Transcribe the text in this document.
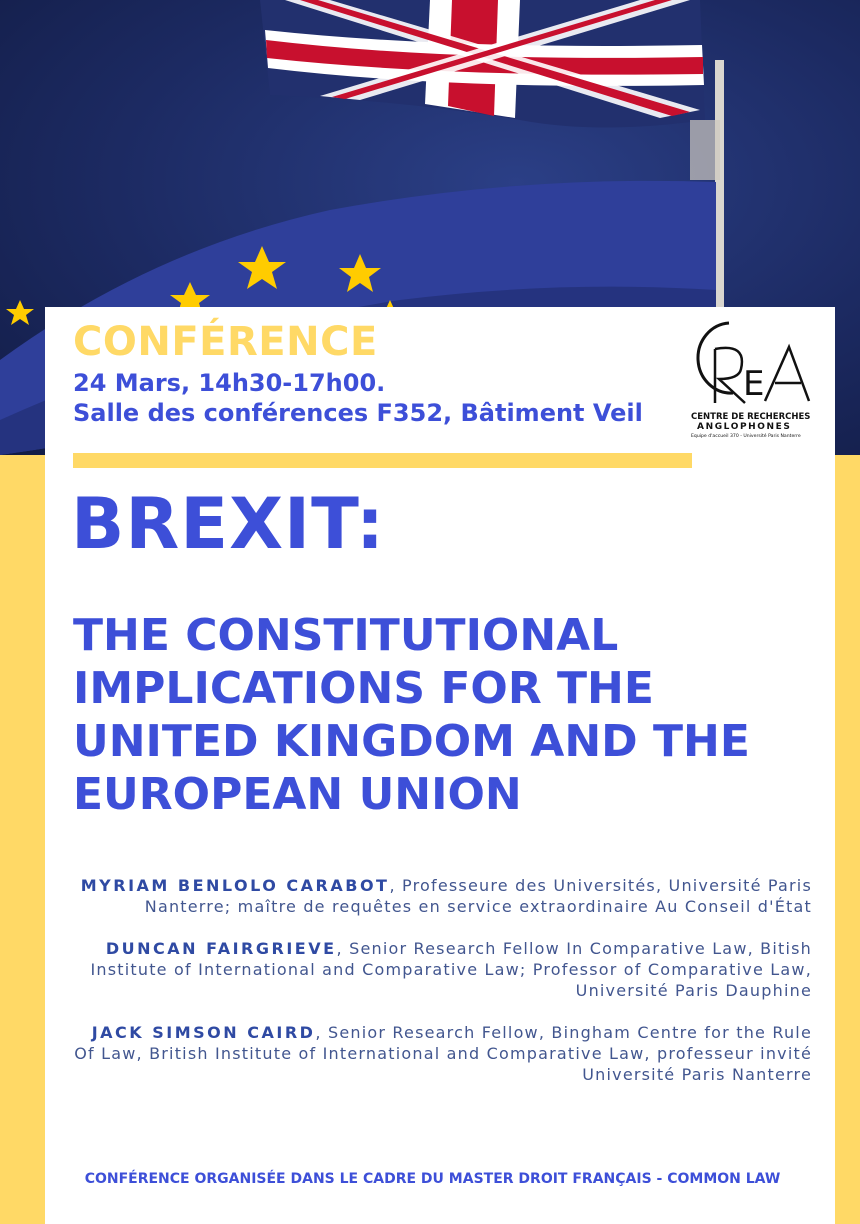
CONFÉRENCE
24 Mars, 14h30-17h00.
Salle des conférences F352, Bâtiment Veil
E
CENTRE DE RECHERCHES
ANGLOPHONES
Equipe d'accueil 370 - Université Paris Nanterre
BREXIT:
THE CONSTITUTIONAL IMPLICATIONS FOR THE UNITED KINGDOM AND THE EUROPEAN UNION
MYRIAM BENLOLO CARABOT, Professeure des Universités, Université Paris Nanterre; maître de requêtes en service extraordinaire Au Conseil d'État
DUNCAN FAIRGRIEVE, Senior Research Fellow In Comparative Law, Bitish Institute of International and Comparative Law; Professor of Comparative Law, Université Paris Dauphine
JACK SIMSON CAIRD, Senior Research Fellow, Bingham Centre for the Rule Of Law, British Institute of International and Comparative Law, professeur invité Université Paris Nanterre
CONFÉRENCE ORGANISÉE DANS LE CADRE DU MASTER DROIT FRANÇAIS - COMMON LAW
